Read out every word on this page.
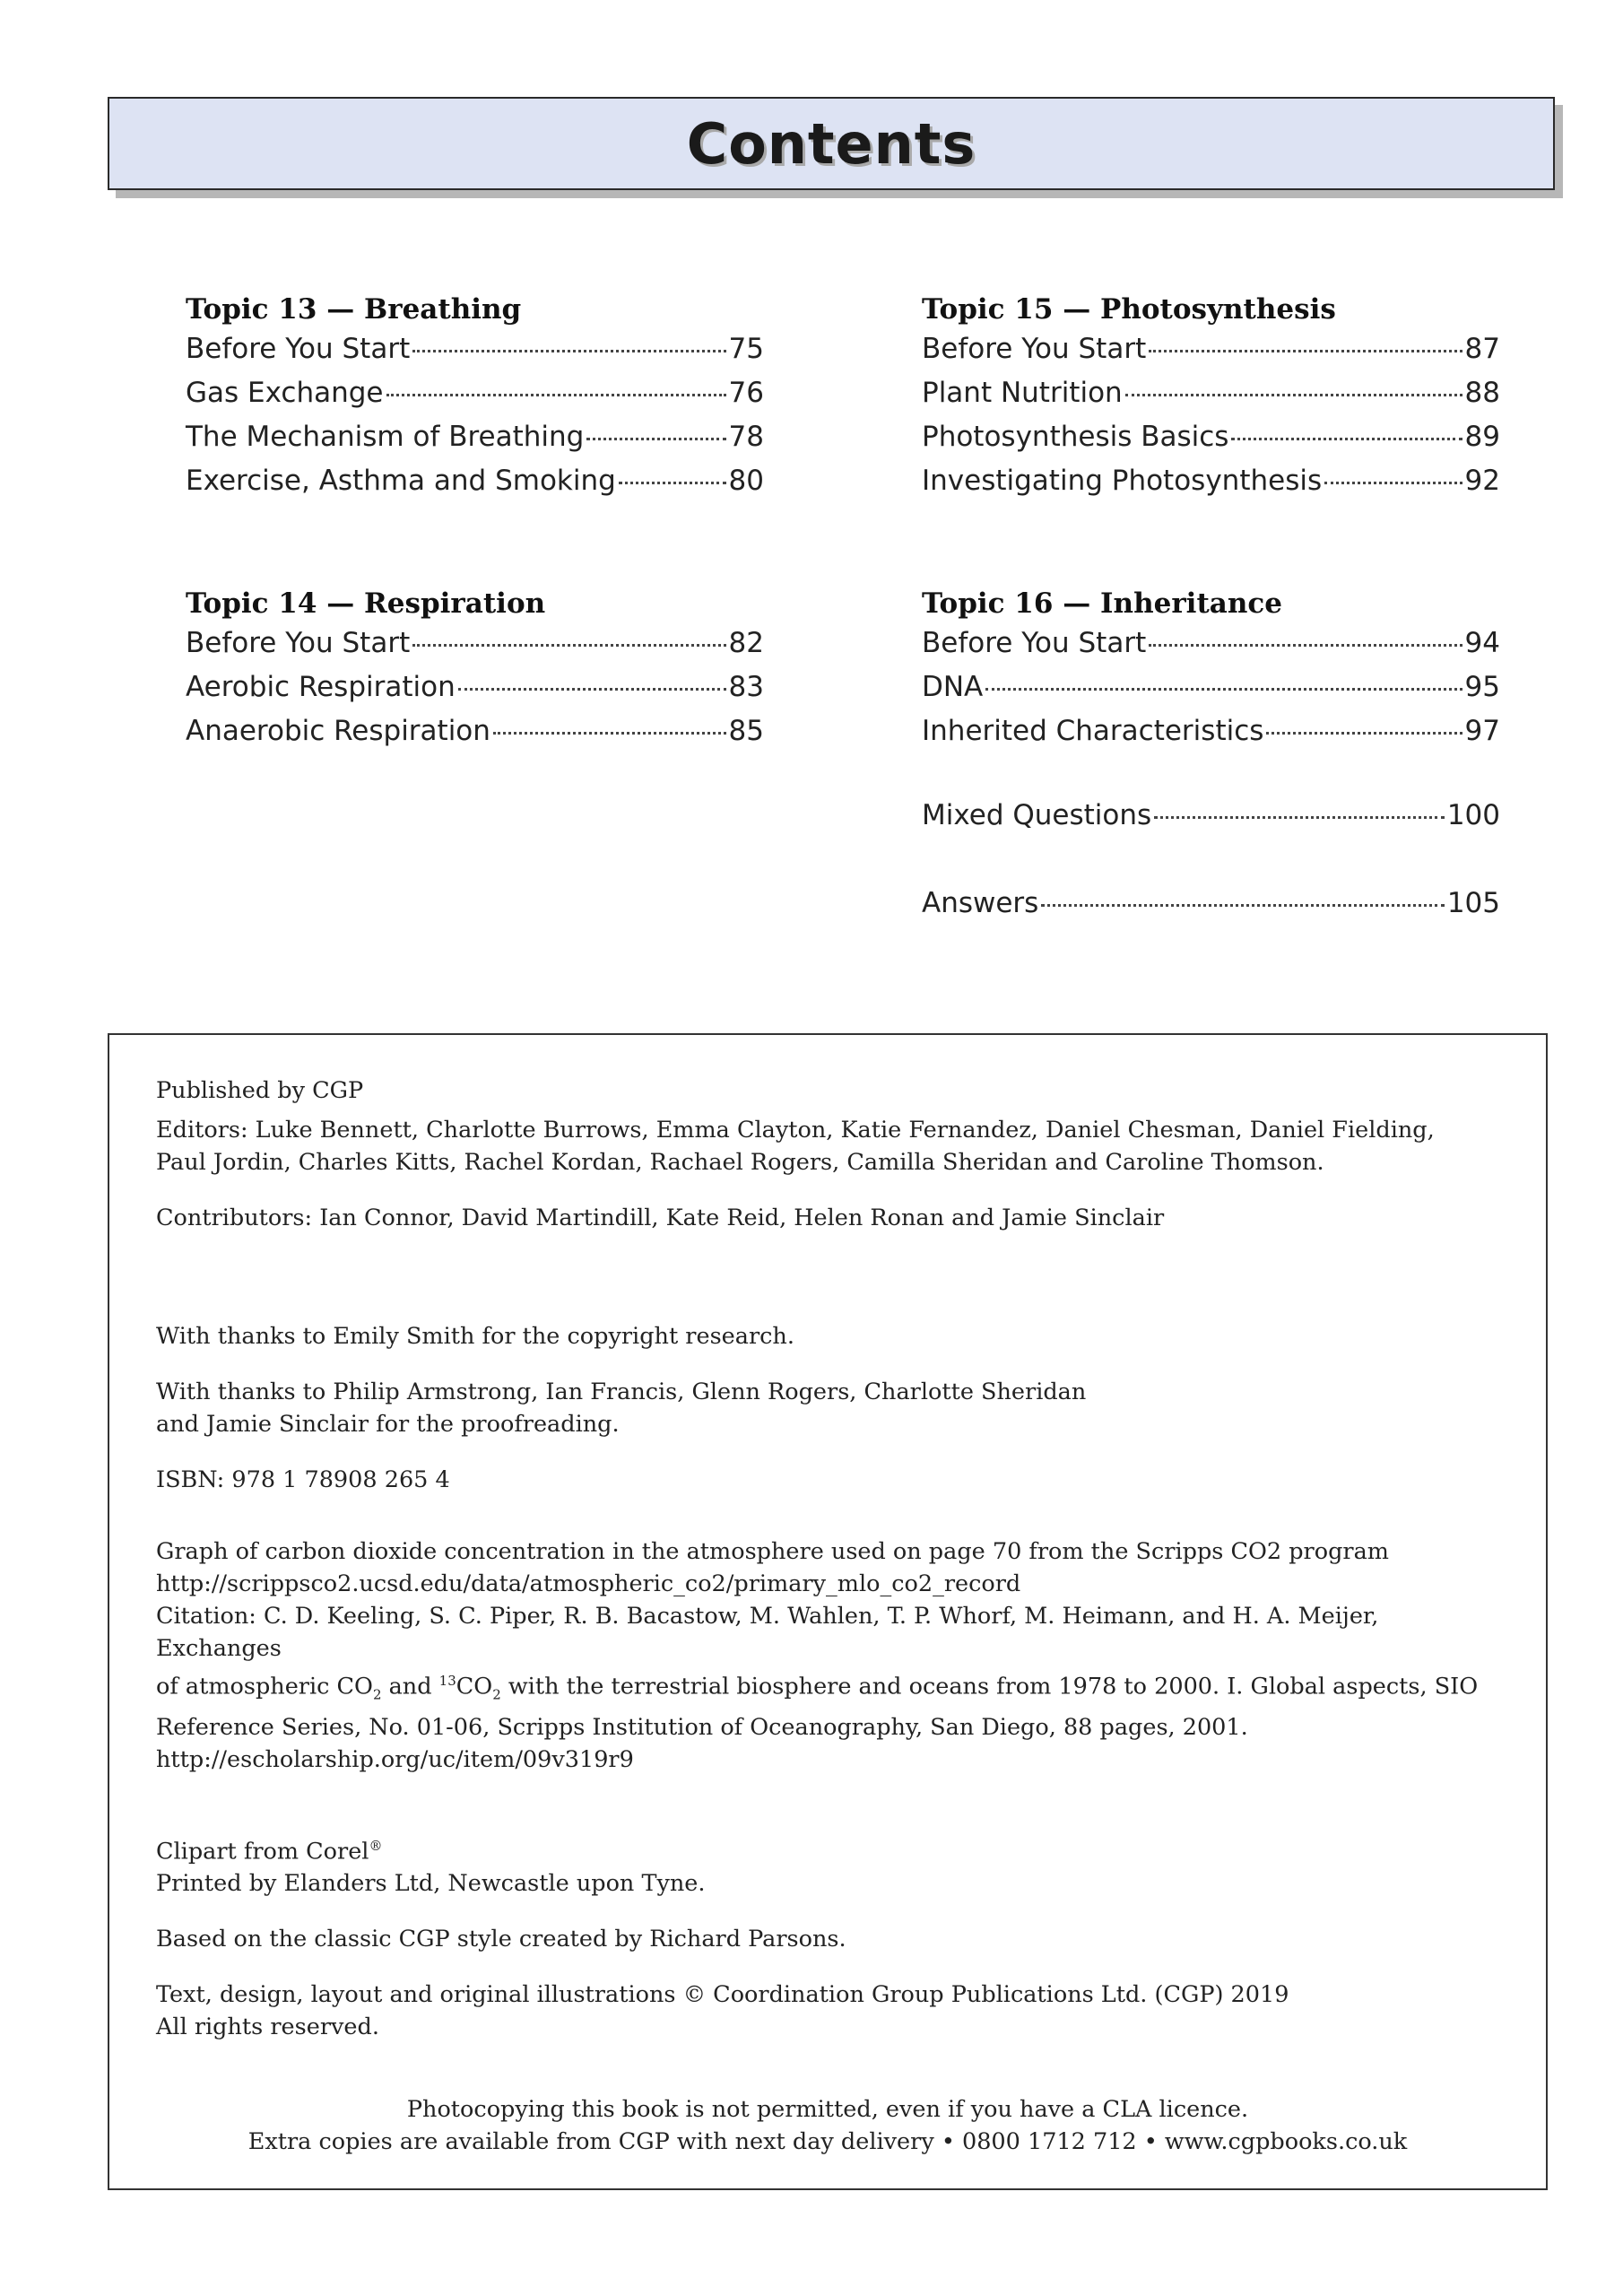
Contents
Topic 13 — Breathing
Before You Start	75
Gas Exchange	76
The Mechanism of Breathing	78
Exercise, Asthma and Smoking	80
Topic 14 — Respiration
Before You Start	82
Aerobic Respiration	83
Anaerobic Respiration	85
Topic 15 — Photosynthesis
Before You Start	87
Plant Nutrition	88
Photosynthesis Basics	89
Investigating Photosynthesis	92
Topic 16 — Inheritance
Before You Start	94
DNA	95
Inherited Characteristics	97
Mixed Questions	100
Answers	105

Published by CGP

Editors: Luke Bennett, Charlotte Burrows, Emma Clayton, Katie Fernandez, Daniel Chesman, Daniel Fielding,

Paul Jordin, Charles Kitts, Rachel Kordan, Rachael Rogers, Camilla Sheridan and Caroline Thomson.

Contributors: Ian Connor, David Martindill, Kate Reid, Helen Ronan and Jamie Sinclair

With thanks to Emily Smith for the copyright research.

With thanks to Philip Armstrong, Ian Francis, Glenn Rogers, Charlotte Sheridan

and Jamie Sinclair for the proofreading.

ISBN: 978 1 78908 265 4

Graph of carbon dioxide concentration in the atmosphere used on page 70 from the Scripps CO2 program

http://scrippsco2.ucsd.edu/data/atmospheric_co2/primary_mlo_co2_record

Citation: C. D. Keeling, S. C. Piper, R. B. Bacastow, M. Wahlen, T. P. Whorf, M. Heimann, and H. A. Meijer, Exchanges

of atmospheric $CO_2$ and $^{13}CO_2$ with the terrestrial biosphere and oceans from 1978 to 2000. I. Global aspects, SIO

Reference Series, No. 01-06, Scripps Institution of Oceanography, San Diego, 88 pages, 2001.

http://escholarship.org/uc/item/09v319r9

Clipart from Corel®

Printed by Elanders Ltd, Newcastle upon Tyne.

Based on the classic CGP style created by Richard Parsons.

Text, design, layout and original illustrations © Coordination Group Publications Ltd. (CGP) 2019

All rights reserved.

Photocopying this book is not permitted, even if you have a CLA licence.

Extra copies are available from CGP with next day delivery • 0800 1712 712 • www.cgpbooks.co.uk
